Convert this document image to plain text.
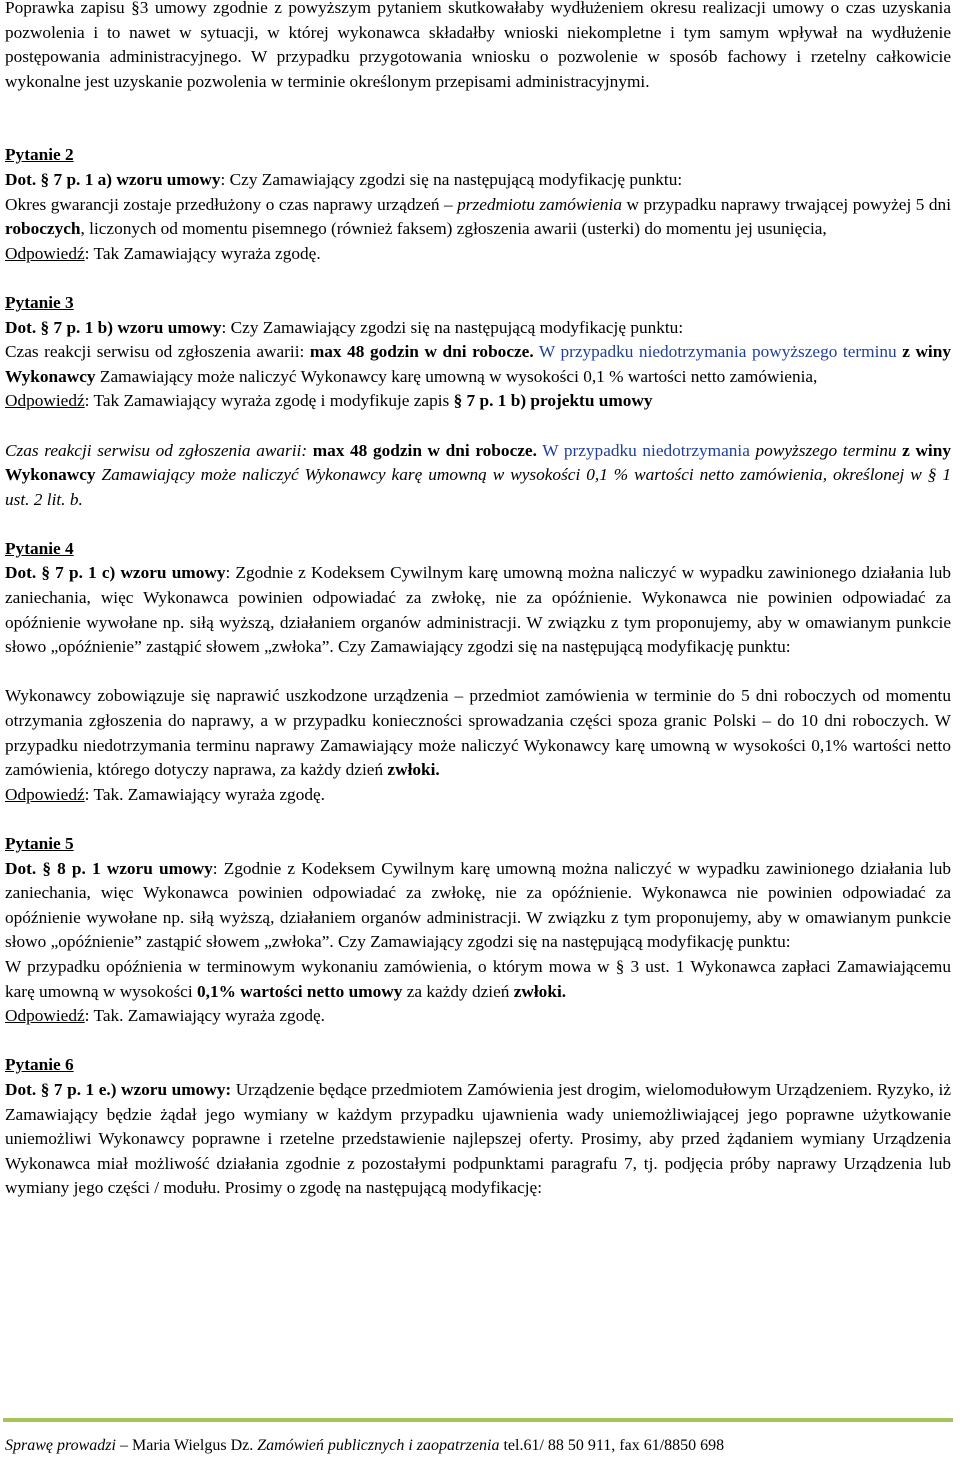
Poprawka zapisu §3 umowy zgodnie z powyższym pytaniem skutkowałaby wydłużeniem okresu realizacji umowy o czas uzyskania pozwolenia i to nawet w sytuacji, w której wykonawca składałby wnioski niekompletne i tym samym wpływał na wydłużenie postępowania administracyjnego. W przypadku przygotowania wniosku o pozwolenie w sposób fachowy i rzetelny całkowicie wykonalne jest uzyskanie pozwolenia w terminie określonym przepisami administracyjnymi.

Pytanie 2

Dot. § 7 p. 1 a) wzoru umowy: Czy Zamawiający zgodzi się na następującą modyfikację punktu:

Okres gwarancji zostaje przedłużony o czas naprawy urządzeń – przedmiotu zamówienia w przypadku naprawy trwającej powyżej 5 dni roboczych, liczonych od momentu pisemnego (również faksem) zgłoszenia awarii (usterki) do momentu jej usunięcia,

Odpowiedź: Tak Zamawiający wyraża zgodę.

Pytanie 3

Dot. § 7 p. 1 b) wzoru umowy: Czy Zamawiający zgodzi się na następującą modyfikację punktu:

Czas reakcji serwisu od zgłoszenia awarii: max 48 godzin w dni robocze. W przypadku niedotrzymania powyższego terminu z winy Wykonawcy Zamawiający może naliczyć Wykonawcy karę umowną w wysokości 0,1 % wartości netto zamówienia,

Odpowiedź: Tak Zamawiający wyraża zgodę i modyfikuje zapis § 7 p. 1 b) projektu umowy

Czas reakcji serwisu od zgłoszenia awarii: max 48 godzin w dni robocze. W przypadku niedotrzymania powyższego terminu z winy Wykonawcy Zamawiający może naliczyć Wykonawcy karę umowną w wysokości 0,1 % wartości netto zamówienia, określonej w § 1 ust. 2 lit. b.

Pytanie 4

Dot. § 7 p. 1 c) wzoru umowy: Zgodnie z Kodeksem Cywilnym karę umowną można naliczyć w wypadku zawinionego działania lub zaniechania, więc Wykonawca powinien odpowiadać za zwłokę, nie za opóźnienie. Wykonawca nie powinien odpowiadać za opóźnienie wywołane np. siłą wyższą, działaniem organów administracji. W związku z tym proponujemy, aby w omawianym punkcie słowo „opóźnienie” zastąpić słowem „zwłoka”. Czy Zamawiający zgodzi się na następującą modyfikację punktu:

Wykonawcy zobowiązuje się naprawić uszkodzone urządzenia – przedmiot zamówienia w terminie do 5 dni roboczych od momentu otrzymania zgłoszenia do naprawy, a w przypadku konieczności sprowadzania części spoza granic Polski – do 10 dni roboczych. W przypadku niedotrzymania terminu naprawy Zamawiający może naliczyć Wykonawcy karę umowną w wysokości 0,1% wartości netto zamówienia, którego dotyczy naprawa, za każdy dzień zwłoki.

Odpowiedź: Tak. Zamawiający wyraża zgodę.

Pytanie 5

Dot. § 8 p. 1 wzoru umowy: Zgodnie z Kodeksem Cywilnym karę umowną można naliczyć w wypadku zawinionego działania lub zaniechania, więc Wykonawca powinien odpowiadać za zwłokę, nie za opóźnienie. Wykonawca nie powinien odpowiadać za opóźnienie wywołane np. siłą wyższą, działaniem organów administracji. W związku z tym proponujemy, aby w omawianym punkcie słowo „opóźnienie” zastąpić słowem „zwłoka”. Czy Zamawiający zgodzi się na następującą modyfikację punktu:

W przypadku opóźnienia w terminowym wykonaniu zamówienia, o którym mowa w § 3 ust. 1 Wykonawca zapłaci Zamawiającemu karę umowną w wysokości 0,1% wartości netto umowy za każdy dzień zwłoki.

Odpowiedź: Tak. Zamawiający wyraża zgodę.

Pytanie 6

Dot. § 7 p. 1 e.) wzoru umowy: Urządzenie będące przedmiotem Zamówienia jest drogim, wielomodułowym Urządzeniem. Ryzyko, iż Zamawiający będzie żądał jego wymiany w każdym przypadku ujawnienia wady uniemożliwiającej jego poprawne użytkowanie uniemożliwi Wykonawcy poprawne i rzetelne przedstawienie najlepszej oferty. Prosimy, aby przed żądaniem wymiany Urządzenia Wykonawca miał możliwość działania zgodnie z pozostałymi podpunktami paragrafu 7, tj. podjęcia próby naprawy Urządzenia lub wymiany jego części / modułu. Prosimy o zgodę na następującą modyfikację:

Sprawę prowadzi – Maria Wielgus Dz. Zamówień publicznych i zaopatrzenia tel.61/ 88 50 911, fax 61/8850 698
